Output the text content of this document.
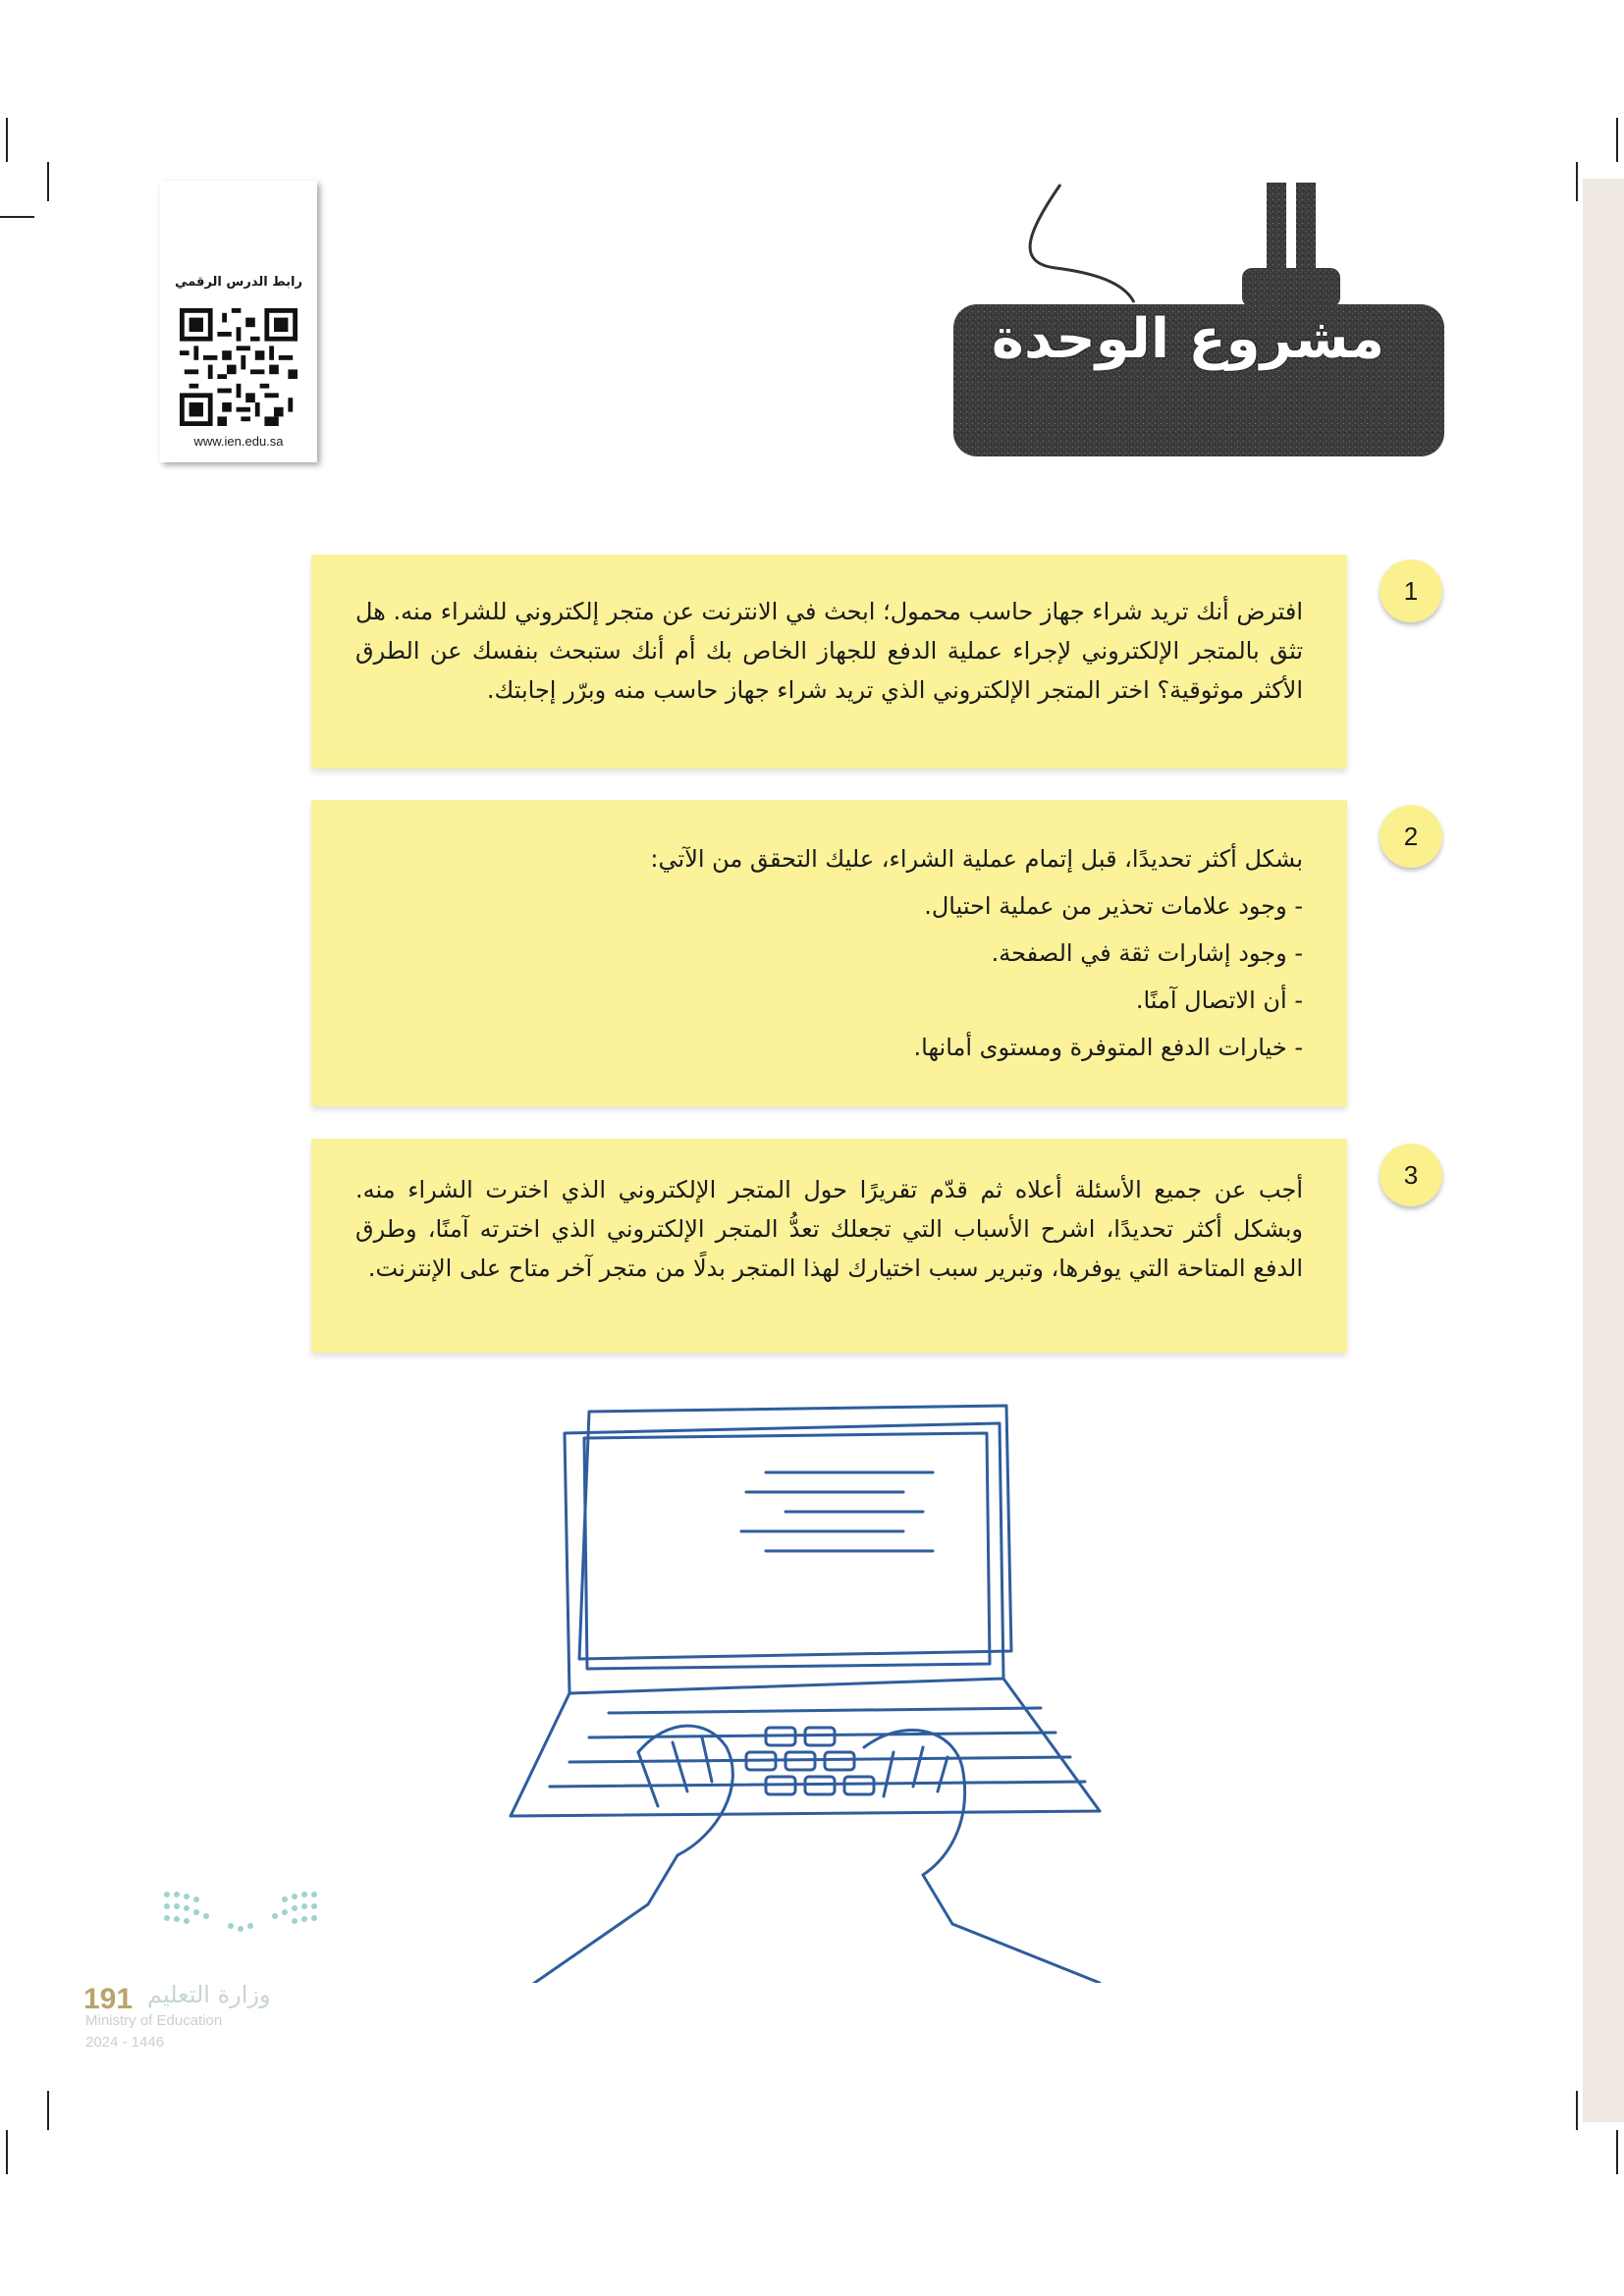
رابط الدرس الرقمي
www.ien.edu.sa
مشروع الوحدة
1
افترض أنك تريد شراء جهاز حاسب محمول؛ ابحث في الانترنت عن متجر إلكتروني للشراء منه. هل تثق بالمتجر الإلكتروني لإجراء عملية الدفع للجهاز الخاص بك أم أنك ستبحث بنفسك عن الطرق الأكثر موثوقية؟ اختر المتجر الإلكتروني الذي تريد شراء جهاز حاسب منه وبرّر إجابتك.
2
بشكل أكثر تحديدًا، قبل إتمام عملية الشراء، عليك التحقق من الآتي:
- وجود علامات تحذير من عملية احتيال.
- وجود إشارات ثقة في الصفحة.
- أن الاتصال آمنًا.
- خيارات الدفع المتوفرة ومستوى أمانها.
3
أجب عن جميع الأسئلة أعلاه ثم قدّم تقريرًا حول المتجر الإلكتروني الذي اخترت الشراء منه. وبشكل أكثر تحديدًا، اشرح الأسباب التي تجعلك تعدُّ المتجر الإلكتروني الذي اخترته آمنًا، وطرق الدفع المتاحة التي يوفرها، وتبرير سبب اختيارك لهذا المتجر بدلًا من متجر آخر متاح على الإنترنت.
191 وزارة التعليم
Ministry of Education
2024 - 1446
